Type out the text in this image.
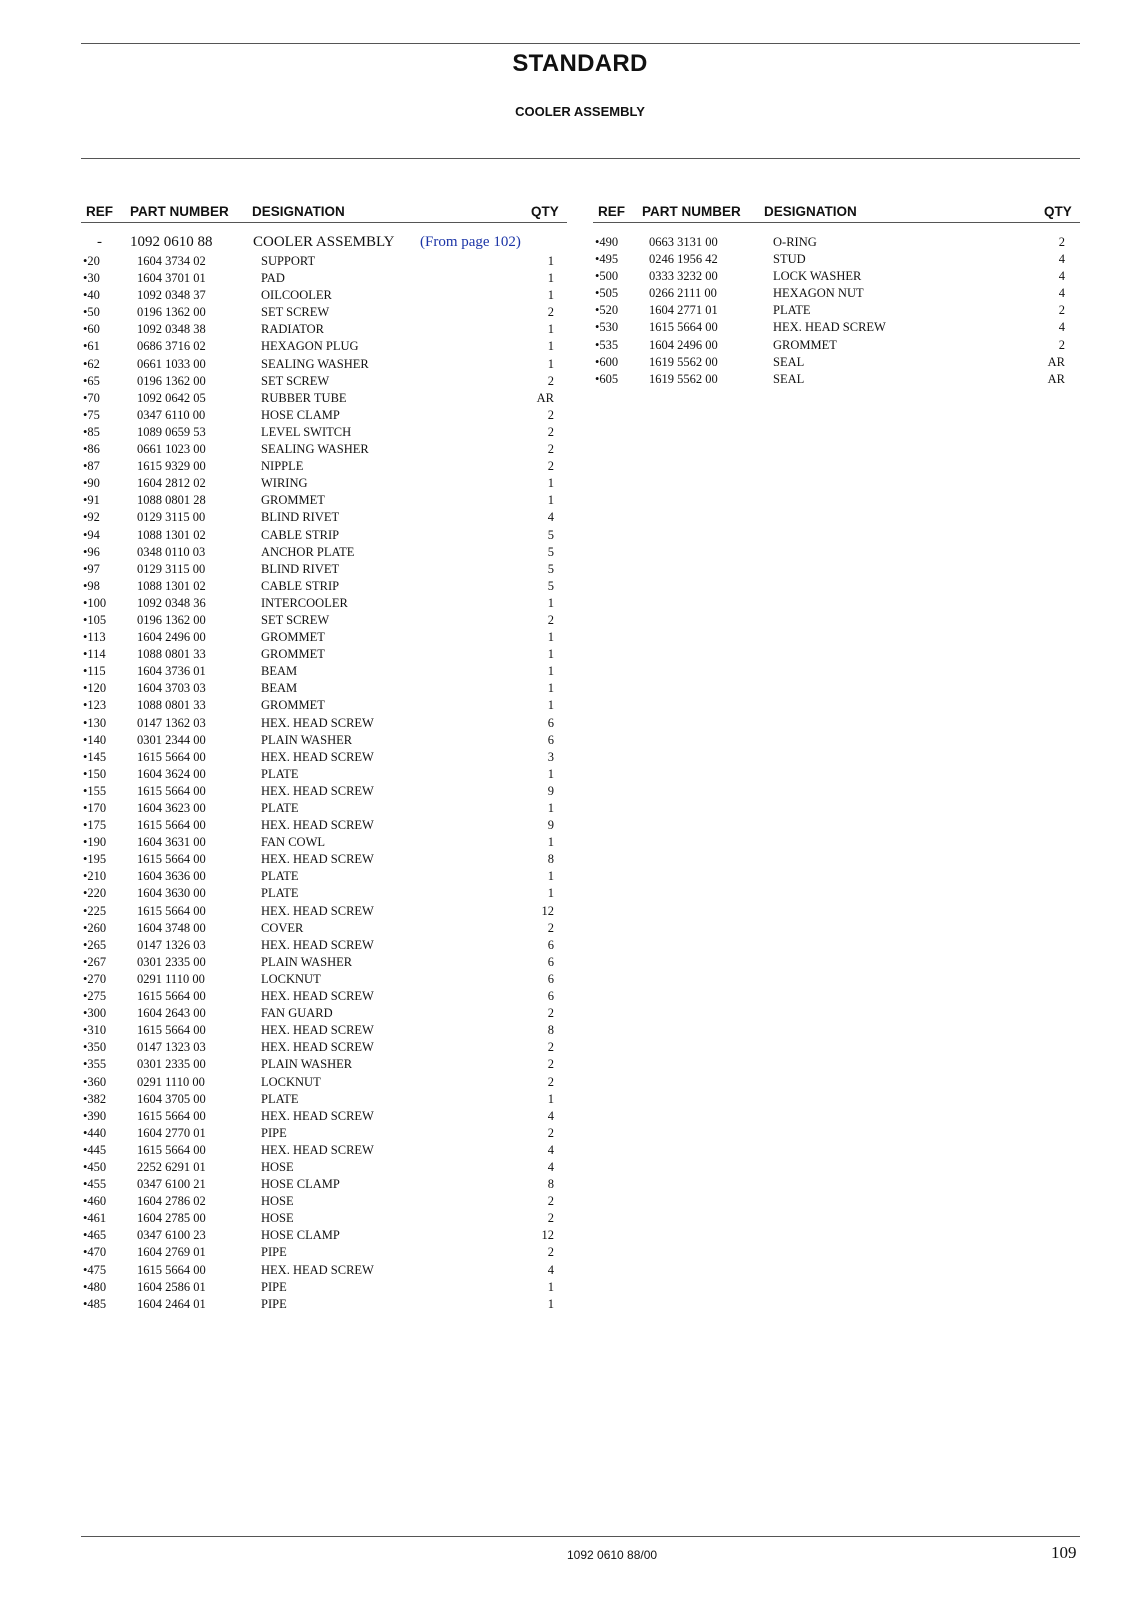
STANDARD
COOLER ASSEMBLY
REF PART NUMBER DESIGNATION	QTY
- 1092 0610 88	COOLER ASSEMBLY (From page 102)
•20	1604 3734 02	SUPPORT	1
•30	1604 3701 01	PAD	1
•40	1092 0348 37	OILCOOLER	1
•50	0196 1362 00	SET SCREW	2
•60	1092 0348 38	RADIATOR	1
•61	0686 3716 02	HEXAGON PLUG	1
•62	0661 1033 00	SEALING WASHER	1
•65	0196 1362 00	SET SCREW	2
•70	1092 0642 05	RUBBER TUBE	AR
•75	0347 6110 00	HOSE CLAMP	2
•85	1089 0659 53	LEVEL SWITCH	2
•86	0661 1023 00	SEALING WASHER	2
•87	1615 9329 00	NIPPLE	2
•90	1604 2812 02	WIRING	1
•91	1088 0801 28	GROMMET	1
•92	0129 3115 00	BLIND RIVET	4
•94	1088 1301 02	CABLE STRIP	5
•96	0348 0110 03	ANCHOR PLATE	5
•97	0129 3115 00	BLIND RIVET	5
•98	1088 1301 02	CABLE STRIP	5
•100 1092 0348 36	INTERCOOLER	1
•105 0196 1362 00	SET SCREW	2
•113	1604 2496 00	GROMMET	1
•114	1088 0801 33	GROMMET	1
•115	1604 3736 01	BEAM	1
•120 1604 3703 03	BEAM	1
•123 1088 0801 33	GROMMET	1
•130 0147 1362 03	HEX. HEAD SCREW	6
•140 0301 2344 00	PLAIN WASHER	6
•145 1615 5664 00	HEX. HEAD SCREW	3
•150 1604 3624 00	PLATE	1
•155 1615 5664 00	HEX. HEAD SCREW	9
•170 1604 3623 00	PLATE	1
•175 1615 5664 00	HEX. HEAD SCREW	9
•190 1604 3631 00	FAN COWL	1
•195 1615 5664 00	HEX. HEAD SCREW	8
•210 1604 3636 00	PLATE	1
•220 1604 3630 00	PLATE	1
•225 1615 5664 00	HEX. HEAD SCREW	12
•260 1604 3748 00	COVER	2
•265 0147 1326 03	HEX. HEAD SCREW	6
•267 0301 2335 00	PLAIN WASHER	6
•270 0291 1110 00	LOCKNUT	6
•275 1615 5664 00	HEX. HEAD SCREW	6
•300 1604 2643 00	FAN GUARD	2
•310 1615 5664 00	HEX. HEAD SCREW	8
•350 0147 1323 03	HEX. HEAD SCREW	2
•355 0301 2335 00	PLAIN WASHER	2
•360 0291 1110 00	LOCKNUT	2
•382 1604 3705 00	PLATE	1
•390 1615 5664 00	HEX. HEAD SCREW	4
•440 1604 2770 01	PIPE	2
•445 1615 5664 00	HEX. HEAD SCREW	4
•450 2252 6291 01	HOSE	4
•455 0347 6100 21	HOSE CLAMP	8
•460 1604 2786 02	HOSE	2
•461 1604 2785 00	HOSE	2
•465 0347 6100 23	HOSE CLAMP	12
•470 1604 2769 01	PIPE	2
•475 1615 5664 00	HEX. HEAD SCREW	4
•480 1604 2586 01	PIPE	1
•485 1604 2464 01	PIPE	1
REF PART NUMBER DESIGNATION	QTY
•490 0663 3131 00	O-RING	2
•495 0246 1956 42	STUD	4
•500 0333 3232 00	LOCK WASHER	4
•505 0266 2111 00	HEXAGON NUT	4
•520 1604 2771 01	PLATE	2
•530 1615 5664 00	HEX. HEAD SCREW	4
•535 1604 2496 00	GROMMET	2
•600 1619 5562 00	SEAL	AR
•605 1619 5562 00	SEAL	AR
1092 0610 88/00	109
